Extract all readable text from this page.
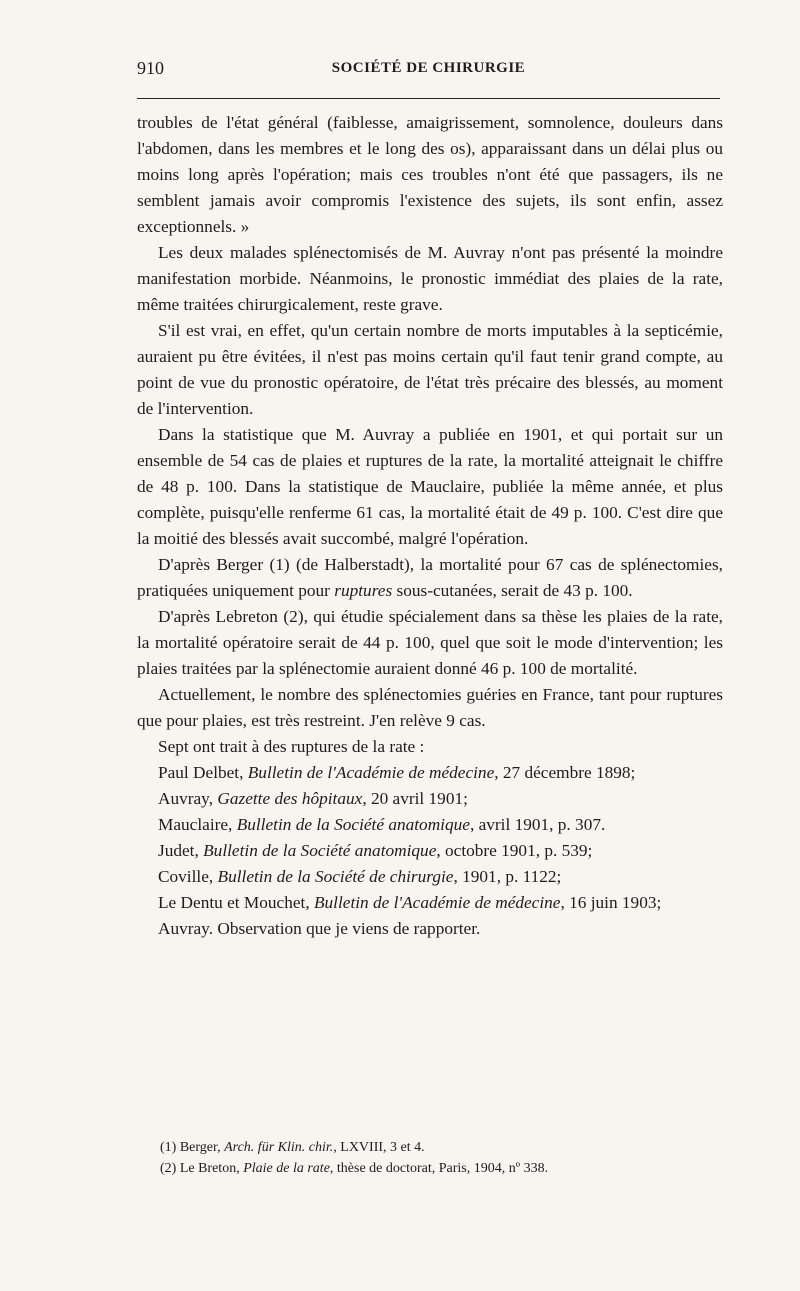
910	SOCIÉTÉ DE CHIRURGIE

troubles de l'état général (faiblesse, amaigrissement, somnolence, douleurs dans l'abdomen, dans les membres et le long des os), apparaissant dans un délai plus ou moins long après l'opération; mais ces troubles n'ont été que passagers, ils ne semblent jamais avoir compromis l'existence des sujets, ils sont enfin, assez exceptionnels. »

Les deux malades splénectomisés de M. Auvray n'ont pas présenté la moindre manifestation morbide. Néanmoins, le pronostic immédiat des plaies de la rate, même traitées chirurgicalement, reste grave.

S'il est vrai, en effet, qu'un certain nombre de morts imputables à la septicémie, auraient pu être évitées, il n'est pas moins certain qu'il faut tenir grand compte, au point de vue du pronostic opératoire, de l'état très précaire des blessés, au moment de l'intervention.

Dans la statistique que M. Auvray a publiée en 1901, et qui portait sur un ensemble de 54 cas de plaies et ruptures de la rate, la mortalité atteignait le chiffre de 48 p. 100. Dans la statistique de Mauclaire, publiée la même année, et plus complète, puisqu'elle renferme 61 cas, la mortalité était de 49 p. 100. C'est dire que la moitié des blessés avait succombé, malgré l'opération.

D'après Berger (1) (de Halberstadt), la mortalité pour 67 cas de splénectomies, pratiquées uniquement pour ruptures sous-cutanées, serait de 43 p. 100.

D'après Lebreton (2), qui étudie spécialement dans sa thèse les plaies de la rate, la mortalité opératoire serait de 44 p. 100, quel que soit le mode d'intervention; les plaies traitées par la splénectomie auraient donné 46 p. 100 de mortalité.

Actuellement, le nombre des splénectomies guéries en France, tant pour ruptures que pour plaies, est très restreint. J'en relève 9 cas.

Sept ont trait à des ruptures de la rate :

Paul Delbet, Bulletin de l'Académie de médecine, 27 décembre 1898;

Auvray, Gazette des hôpitaux, 20 avril 1901;

Mauclaire, Bulletin de la Société anatomique, avril 1901, p. 307.

Judet, Bulletin de la Société anatomique, octobre 1901, p. 539;

Coville, Bulletin de la Société de chirurgie, 1901, p. 1122;

Le Dentu et Mouchet, Bulletin de l'Académie de médecine, 16 juin 1903;

Auvray. Observation que je viens de rapporter.

(1) Berger, Arch. für Klin. chir., LXVIII, 3 et 4.
(2) Le Breton, Plaie de la rate, thèse de doctorat, Paris, 1904, nº 338.
